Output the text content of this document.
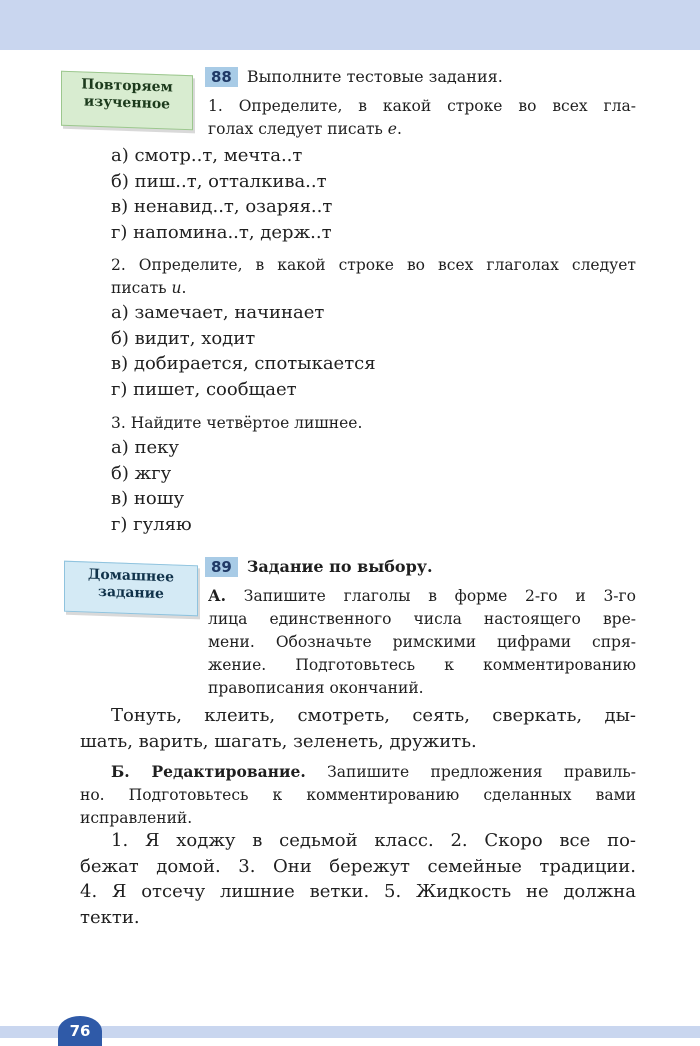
Повторяем
изученное
88 Выполните тестовые задания.
1. Определите, в какой строке во всех гла-
голах следует писать е.
а) смотр..т, мечта..т
б) пиш..т, отталкива..т
в) ненавид..т, озаряя..т
г) напомина..т, держ..т
2. Определите, в какой строке во всех глаголах следует
писать и.
а) замечает, начинает
б) видит, ходит
в) добирается, спотыкается
г) пишет, сообщает
3. Найдите четвёртое лишнее.
а) пеку
б) жгу
в) ношу
г) гуляю
Домашнее
задание
89 Задание по выбору.
А. Запишите глаголы в форме 2-го и 3-го
лица единственного числа настоящего вре-
мени. Обозначьте римскими цифрами спря-
жение. Подготовьтесь к комментированию
правописания окончаний.
Тонуть, клеить, смотреть, сеять, сверкать, ды-
шать, варить, шагать, зеленеть, дружить.
Б. Редактирование. Запишите предложения правиль-
но. Подготовьтесь к комментированию сделанных вами
исправлений.
1. Я ходжу в седьмой класс. 2. Скоро все по-
бежат домой. 3. Они бережут семейные традиции.
4. Я отсечу лишние ветки. 5. Жидкость не должна
текти.
76
